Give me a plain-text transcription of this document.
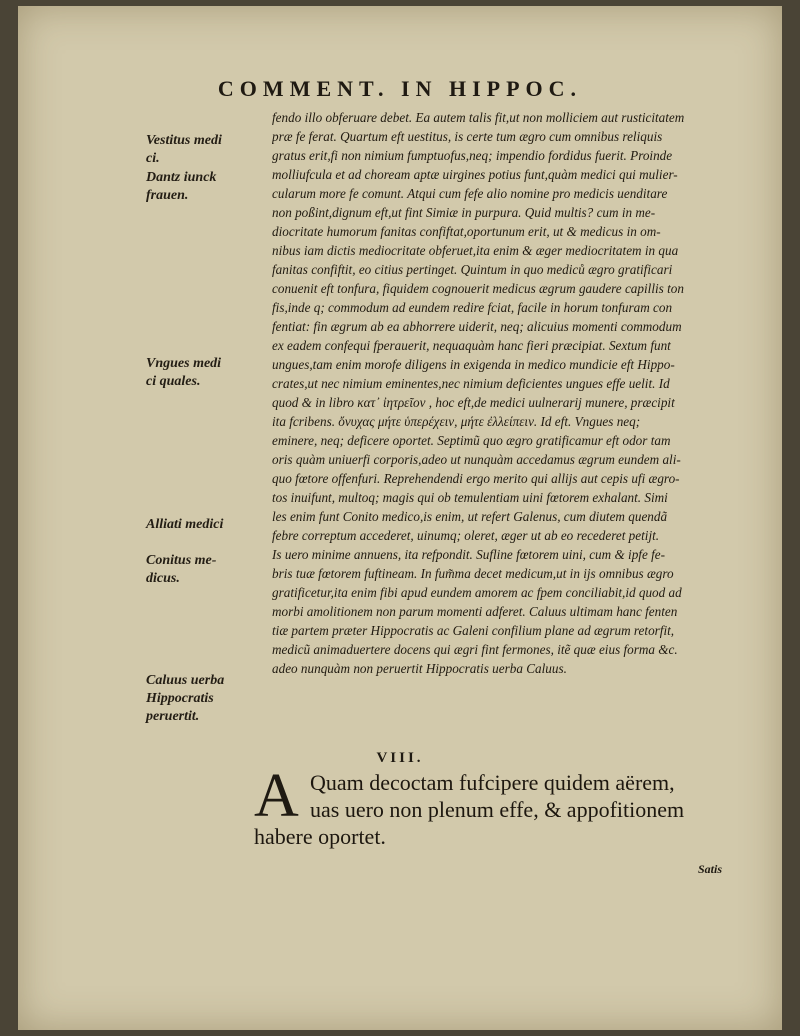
COMMENT. IN HIPPOC.
Vestitus medi
ci.
Dantz iunck
frauen.
Vngues medi
ci quales.
Alliati medici
Conitus me-
dicus.
Caluus uerba
Hippocratis
peruertit.
fendo illo obferuare debet. Ea autem talis fit,ut non molliciem aut rusticitatem
præ fe ferat. Quartum eft uestitus, is certe tum ægro cum omnibus reliquis
gratus erit,fi non nimium fumptuofus,neq; impendio fordidus fuerit. Proinde
molliufcula et ad choream aptæ uirgines potius funt,quàm medici qui mulier-
cularum more fe comunt. Atqui cum fefe alio nomine pro medicis uenditare
non poßint,dignum eft,ut fint Simiæ in purpura. Quid multis? cum in me-
diocritate humorum fanitas confiftat,oportunum erit, ut & medicus in om-
nibus iam dictis mediocritate obferuet,ita enim & æger mediocritatem in qua
fanitas confiftit, eo citius pertinget. Quintum in quo mediců ægro gratificari
conuenit eft tonfura, fiquidem cognouerit medicus ægrum gaudere capillis ton
fis,inde q; commodum ad eundem redire fciat, facile in horum tonfuram con
fentiat: fin ægrum ab ea abhorrere uiderit, neq; alicuius momenti commodum
ex eadem confequi fperauerit, nequaquàm hanc fieri præcipiat. Sextum funt
ungues,tam enim morofe diligens in exigenda in medico mundicie eft Hippo-
crates,ut nec nimium eminentes,nec nimium deficientes ungues effe uelit. Id
quod & in libro κατ᾽ ἰητρεῖον , hoc eft,de medici uulnerarij munere, præcipit
ita fcribens. ὄνυχας μήτε ὑπερέχειν, μήτε ἐλλείπειν. Id eft. Vngues neq;
eminere, neq; deficere oportet. Septimũ quo ægro gratificamur eft odor tam
oris quàm uniuerfi corporis,adeo ut nunquàm accedamus ægrum eundem ali-
quo fœtore offenfuri. Reprehendendi ergo merito qui allijs aut cepis ufi ægro-
tos inuifunt, multoq; magis qui ob temulentiam uini fœtorem exhalant. Simi
les enim funt Conito medico,is enim, ut refert Galenus, cum diutem quendã
febre correptum accederet, uinumq; oleret, æger ut ab eo recederet petijt.
Is uero minime annuens, ita refpondit. Sufline fœtorem uini, cum & ipfe fe-
bris tuæ fœtorem fuftineam. In fum̃ma decet medicum,ut in ijs omnibus ægro
gratificetur,ita enim fibi apud eundem amorem ac fpem conciliabit,id quod ad
morbi amolitionem non parum momenti adferet. Caluus ultimam hanc fenten
tiæ partem præter Hippocratis ac Galeni confilium plane ad ægrum retorfit,
medicũ animaduertere docens qui ægri fint fermones, itẽ quæ eius forma &c.
adeo nunquàm non peruertit Hippocratis uerba Caluus.
VIII.
A Quam decoctam fufcipere quidem aërem,
uas uero non plenum effe, & appofitionem
habere oportet.
Satis
